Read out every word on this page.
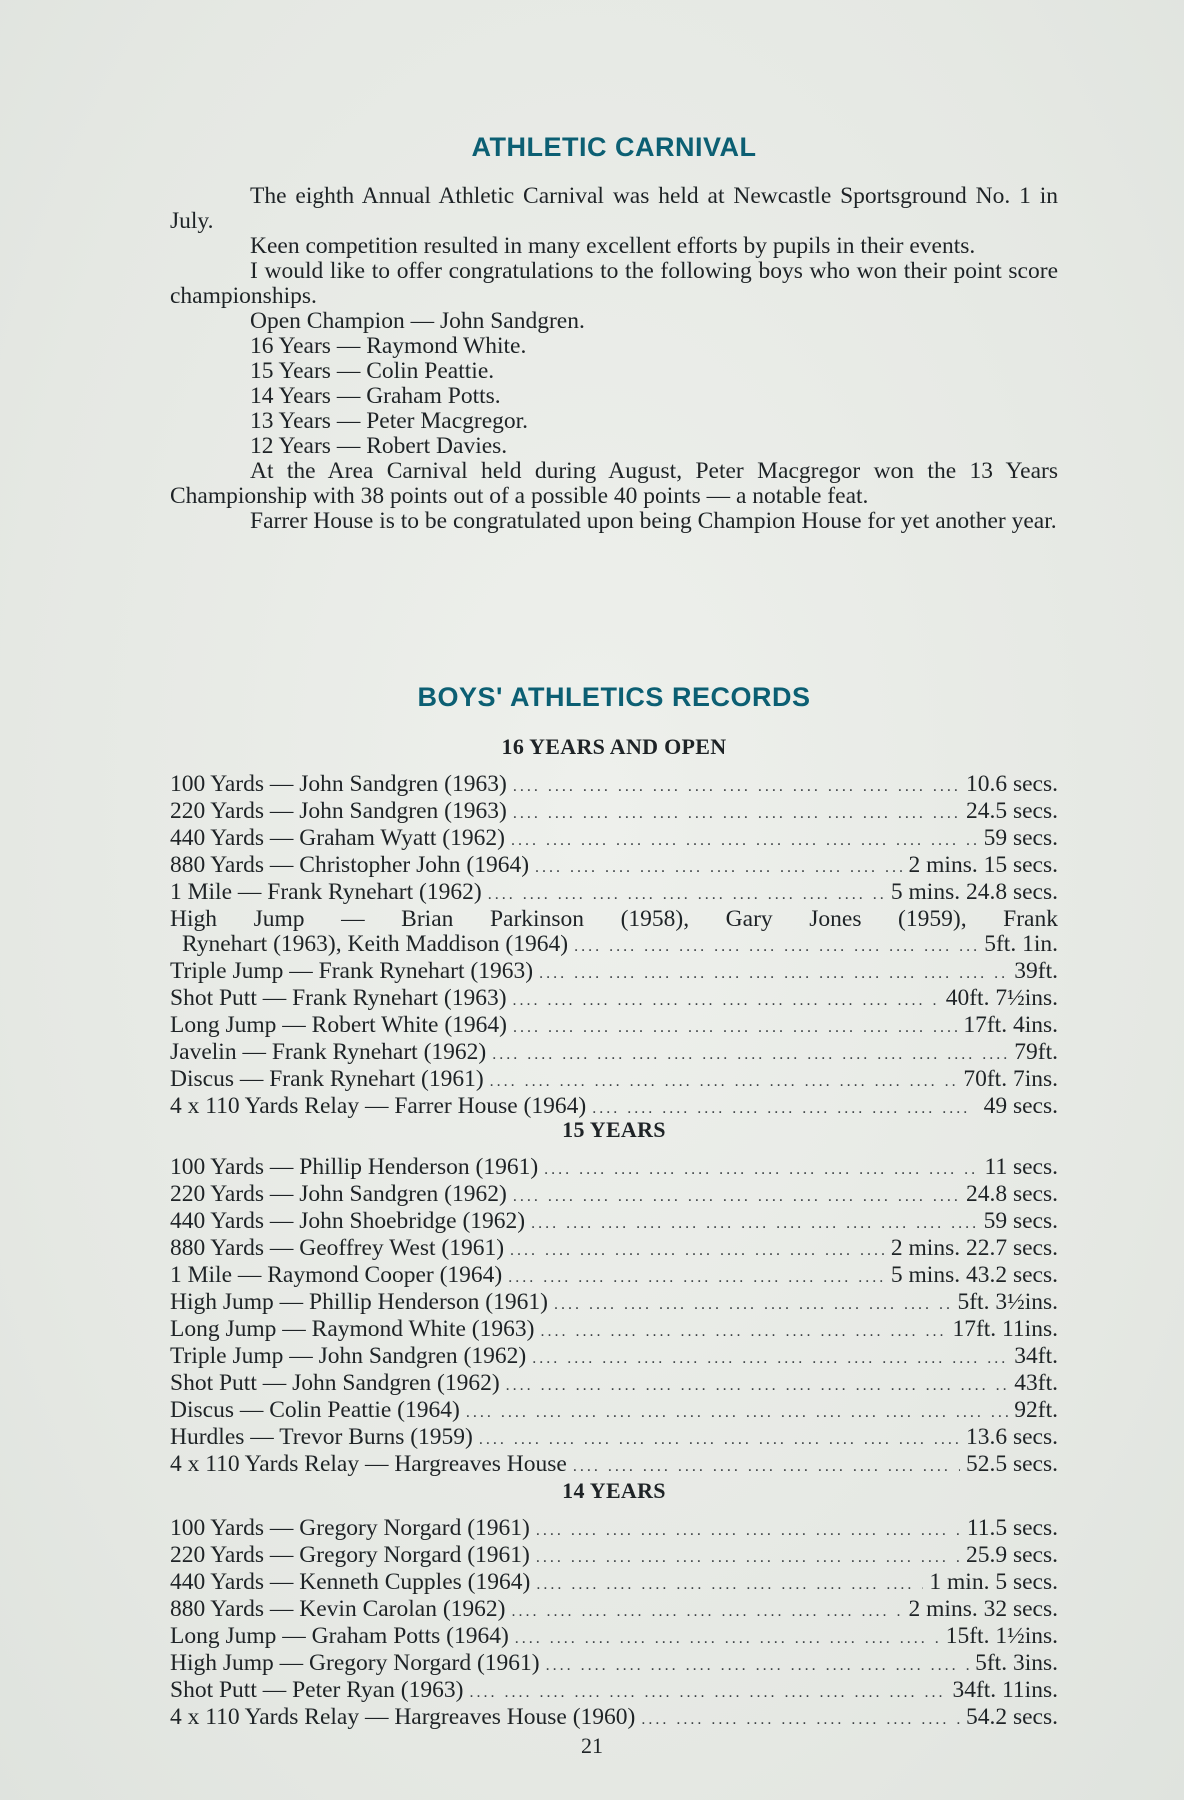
ATHLETIC CARNIVAL

The eighth Annual Athletic Carnival was held at Newcastle Sportsground No. 1 in July.

Keen competition resulted in many excellent efforts by pupils in their events.

I would like to offer congratulations to the following boys who won their point score championships.

Open Champion — John Sandgren.
16 Years — Raymond White.
15 Years — Colin Peattie.
14 Years — Graham Potts.
13 Years — Peter Macgregor.
12 Years — Robert Davies.

At the Area Carnival held during August, Peter Macgregor won the 13 Years Championship with 38 points out of a possible 40 points — a notable feat.

Farrer House is to be congratulated upon being Champion House for yet another year.

BOYS' ATHLETICS RECORDS
16 YEARS AND OPEN
100 Yards — John Sandgren (1963) ....	10.6 secs.
220 Yards — John Sandgren (1963) ....	24.5 secs.
440 Yards — Graham Wyatt (1962) ....	59 secs.
880 Yards — Christopher John (1964) ....	2 mins. 15 secs.
1 Mile — Frank Rynehart (1962) ....	5 mins. 24.8 secs.
High Jump — Brian Parkinson (1958), Gary Jones (1959), Frank
Rynehart (1963), Keith Maddison (1964) ....	5ft. 1in.
Triple Jump — Frank Rynehart (1963) ....	39ft.
Shot Putt — Frank Rynehart (1963) ....	40ft. 7½ins.
Long Jump — Robert White (1964) ....	17ft. 4ins.
Javelin — Frank Rynehart (1962) ....	79ft.
Discus — Frank Rynehart (1961) ....	70ft. 7ins.
4 x 110 Yards Relay — Farrer House (1964) ....	49 secs.
15 YEARS
100 Yards — Phillip Henderson (1961) ....	11 secs.
220 Yards — John Sandgren (1962) ....	24.8 secs.
440 Yards — John Shoebridge (1962) ....	59 secs.
880 Yards — Geoffrey West (1961) ....	2 mins. 22.7 secs.
1 Mile — Raymond Cooper (1964) ....	5 mins. 43.2 secs.
High Jump — Phillip Henderson (1961) ....	5ft. 3½ins.
Long Jump — Raymond White (1963) ....	17ft. 11ins.
Triple Jump — John Sandgren (1962) ....	34ft.
Shot Putt — John Sandgren (1962) ....	43ft.
Discus — Colin Peattie (1964) ....	92ft.
Hurdles — Trevor Burns (1959) ....	13.6 secs.
4 x 110 Yards Relay — Hargreaves House ....	52.5 secs.
14 YEARS
100 Yards — Gregory Norgard (1961) ....	11.5 secs.
220 Yards — Gregory Norgard (1961) ....	25.9 secs.
440 Yards — Kenneth Cupples (1964) ....	1 min. 5 secs.
880 Yards — Kevin Carolan (1962) ....	2 mins. 32 secs.
Long Jump — Graham Potts (1964) ....	15ft. 1½ins.
High Jump — Gregory Norgard (1961) ....	5ft. 3ins.
Shot Putt — Peter Ryan (1963) ....	34ft. 11ins.
4 x 110 Yards Relay — Hargreaves House (1960) ....	54.2 secs.
21
